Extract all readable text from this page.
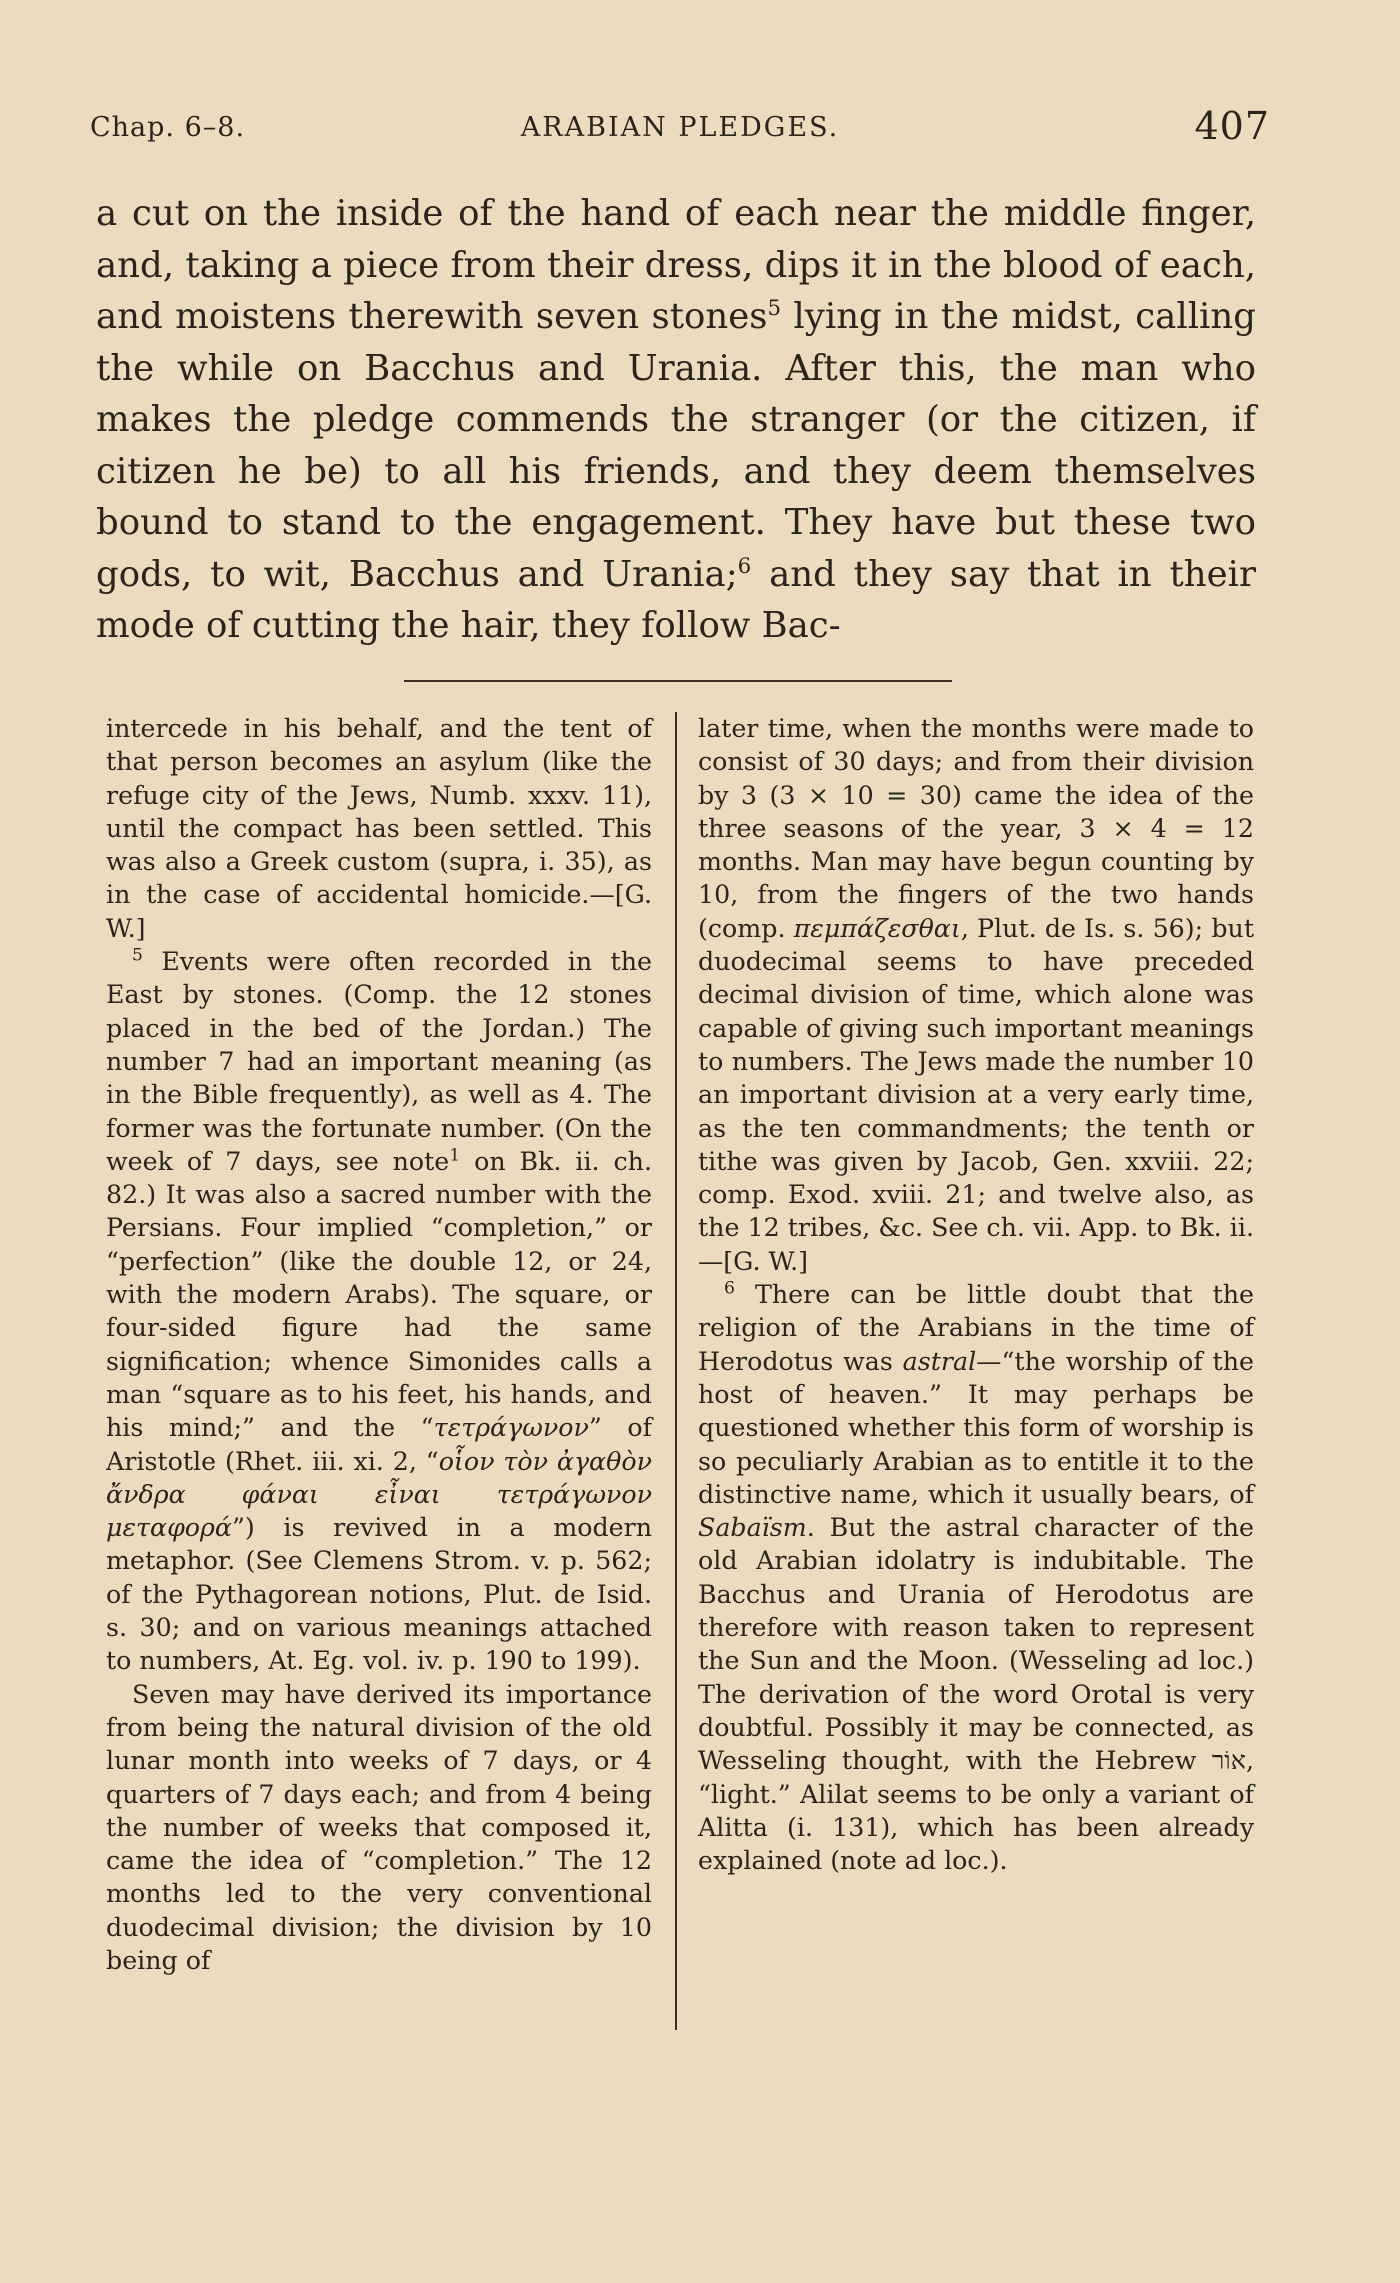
Chap. 6–8.	ARABIAN PLEDGES.	407

a cut on the inside of the hand of each near the middle finger, and, taking a piece from their dress, dips it in the blood of each, and moistens therewith seven stones$^5$ lying in the midst, calling the while on Bacchus and Urania. After this, the man who makes the pledge commends the stranger (or the citizen, if citizen he be) to all his friends, and they deem themselves bound to stand to the engagement. They have but these two gods, to wit, Bacchus and Urania;$^6$ and they say that in their mode of cutting the hair, they follow Bac-

intercede in his behalf, and the tent of that person becomes an asylum (like the refuge city of the Jews, Numb. xxxv. 11), until the compact has been settled. This was also a Greek custom (supra, i. 35), as in the case of accidental homicide.—[G. W.]

$^5$ Events were often recorded in the East by stones. (Comp. the 12 stones placed in the bed of the Jordan.) The number 7 had an important meaning (as in the Bible frequently), as well as 4. The former was the fortunate number. (On the week of 7 days, see note$^1$ on Bk. ii. ch. 82.) It was also a sacred number with the Persians. Four implied “completion,” or “perfection” (like the double 12, or 24, with the modern Arabs). The square, or four-sided figure had the same signification; whence Simonides calls a man “square as to his feet, his hands, and his mind;” and the “τετράγωνον” of Aristotle (Rhet. iii. xi. 2, “οἷον τὸν ἀγαθὸν ἄνδρα φάναι εἶναι τετράγωνον μεταφορά”) is revived in a modern metaphor. (See Clemens Strom. v. p. 562; of the Pythagorean notions, Plut. de Isid. s. 30; and on various meanings attached to numbers, At. Eg. vol. iv. p. 190 to 199).

Seven may have derived its importance from being the natural division of the old lunar month into weeks of 7 days, or 4 quarters of 7 days each; and from 4 being the number of weeks that composed it, came the idea of “completion.” The 12 months led to the very conventional duodecimal division; the division by 10 being of

later time, when the months were made to consist of 30 days; and from their division by 3 (3 × 10 = 30) came the idea of the three seasons of the year, 3 × 4 = 12 months. Man may have begun counting by 10, from the fingers of the two hands (comp. πεμπάζεσθαι, Plut. de Is. s. 56); but duodecimal seems to have preceded decimal division of time, which alone was capable of giving such important meanings to numbers. The Jews made the number 10 an important division at a very early time, as the ten commandments; the tenth or tithe was given by Jacob, Gen. xxviii. 22; comp. Exod. xviii. 21; and twelve also, as the 12 tribes, &c. See ch. vii. App. to Bk. ii.—[G. W.]

$^6$ There can be little doubt that the religion of the Arabians in the time of Herodotus was astral—“the worship of the host of heaven.” It may perhaps be questioned whether this form of worship is so peculiarly Arabian as to entitle it to the distinctive name, which it usually bears, of Sabaïsm. But the astral character of the old Arabian idolatry is indubitable. The Bacchus and Urania of Herodotus are therefore with reason taken to represent the Sun and the Moon. (Wesseling ad loc.) The derivation of the word Orotal is very doubtful. Possibly it may be connected, as Wesseling thought, with the Hebrew אוֹר, “light.” Alilat seems to be only a variant of Alitta (i. 131), which has been already explained (note ad loc.).
